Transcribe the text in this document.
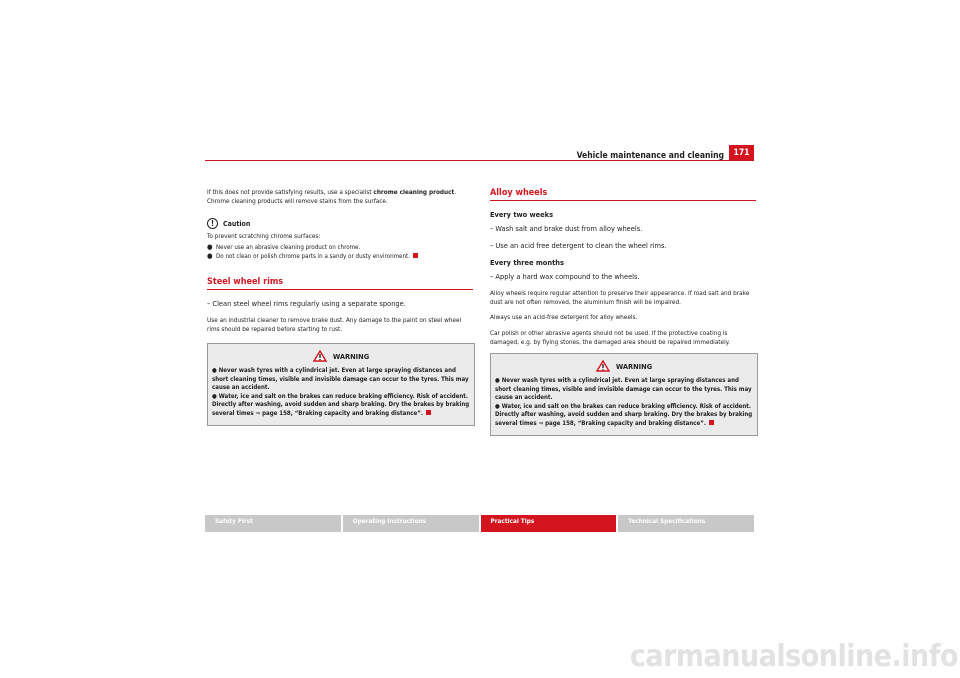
Vehicle maintenance and cleaning	171

If this does not provide satisfying results, use a specialist chrome cleaning product. Chrome cleaning products will remove stains from the surface.

!	Caution

To prevent scratching chrome surfaces:

● Never use an abrasive cleaning product on chrome.

● Do not clean or polish chrome parts in a sandy or dusty environment.

Steel wheel rims

– Clean steel wheel rims regularly using a separate sponge.

Use an industrial cleaner to remove brake dust. Any damage to the paint on steel wheel rims should be repaired before starting to rust.

WARNING

● Never wash tyres with a cylindrical jet. Even at large spraying distances and short cleaning times, visible and invisible damage can occur to the tyres. This may cause an accident.

● Water, ice and salt on the brakes can reduce braking efficiency. Risk of accident. Directly after washing, avoid sudden and sharp braking. Dry the brakes by braking several times ⇒ page 158, “Braking capacity and braking distance”.

Alloy wheels

Every two weeks

– Wash salt and brake dust from alloy wheels.

– Use an acid free detergent to clean the wheel rims.

Every three months

– Apply a hard wax compound to the wheels.

Alloy wheels require regular attention to preserve their appearance. If road salt and brake dust are not often removed, the aluminium finish will be impaired.

Always use an acid-free detergent for alloy wheels.

Car polish or other abrasive agents should not be used. If the protective coating is damaged, e.g. by flying stones, the damaged area should be repaired immediately.

WARNING

● Never wash tyres with a cylindrical jet. Even at large spraying distances and short cleaning times, visible and invisible damage can occur to the tyres. This may cause an accident.

● Water, ice and salt on the brakes can reduce braking efficiency. Risk of accident. Directly after washing, avoid sudden and sharp braking. Dry the brakes by braking several times ⇒ page 158, “Braking capacity and braking distance”.

Safety First	Operating Instructions	Practical Tips	Technical Specifications
carmanualsonline.info
